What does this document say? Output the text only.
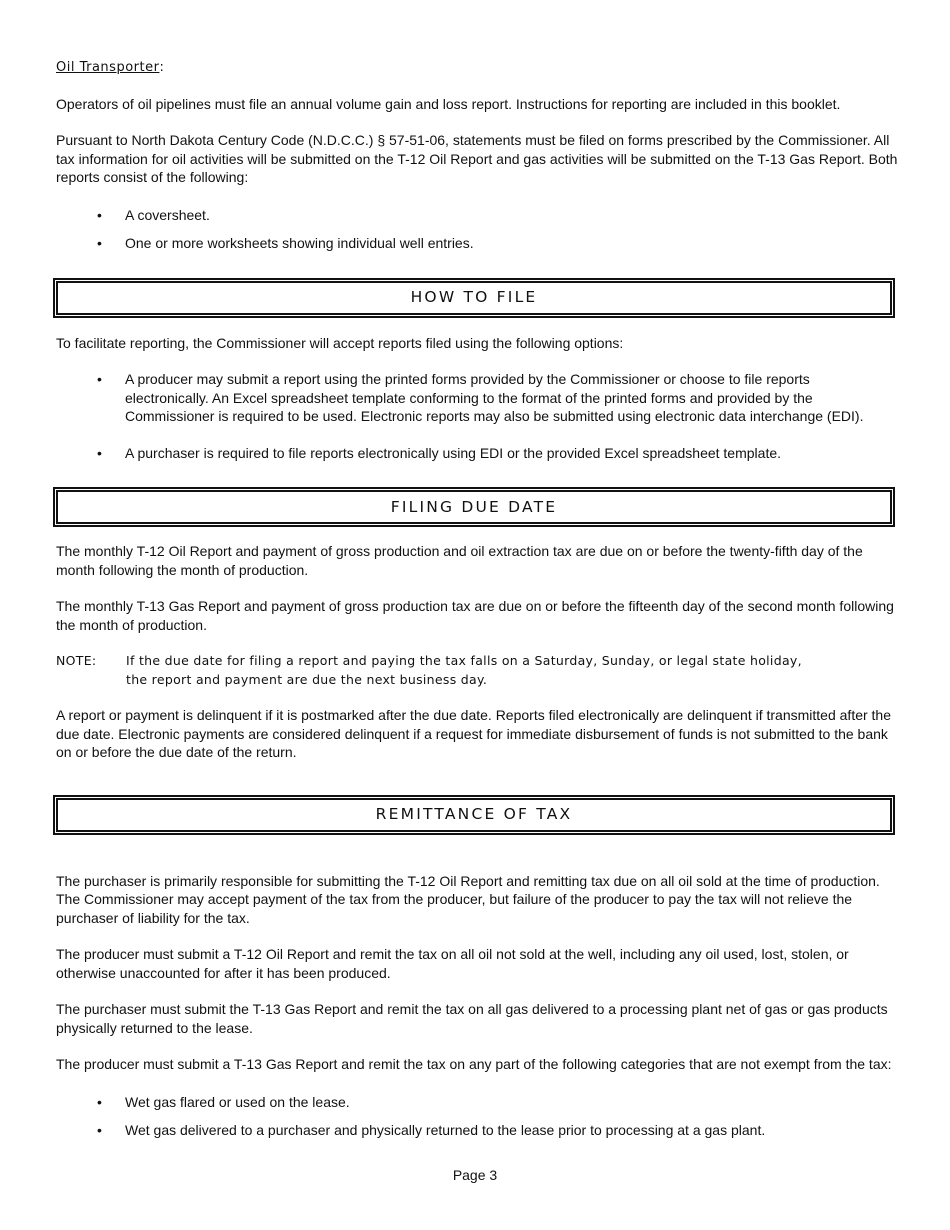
Oil Transporter:

Operators of oil pipelines must file an annual volume gain and loss report. Instructions for reporting are included in this booklet.

Pursuant to North Dakota Century Code (N.D.C.C.) § 57-51-06, statements must be filed on forms prescribed by the Commissioner. All tax information for oil activities will be submitted on the T-12 Oil Report and gas activities will be submitted on the T-13 Gas Report. Both reports consist of the following:

• A coversheet.
• One or more worksheets showing individual well entries.
HOW TO FILE

To facilitate reporting, the Commissioner will accept reports filed using the following options:

• A producer may submit a report using the printed forms provided by the Commissioner or choose to file reports electronically. An Excel spreadsheet template conforming to the format of the printed forms and provided by the Commissioner is required to be used. Electronic reports may also be submitted using electronic data interchange (EDI).
• A purchaser is required to file reports electronically using EDI or the provided Excel spreadsheet template.
FILING DUE DATE

The monthly T-12 Oil Report and payment of gross production and oil extraction tax are due on or before the twenty-fifth day of the month following the month of production.

The monthly T-13 Gas Report and payment of gross production tax are due on or before the fifteenth day of the second month following the month of production.

NOTE:	If the due date for filing a report and paying the tax falls on a Saturday, Sunday, or legal state holiday, the report and payment are due the next business day.

A report or payment is delinquent if it is postmarked after the due date. Reports filed electronically are delinquent if transmitted after the due date. Electronic payments are considered delinquent if a request for immediate disbursement of funds is not submitted to the bank on or before the due date of the return.

REMITTANCE OF TAX

The purchaser is primarily responsible for submitting the T-12 Oil Report and remitting tax due on all oil sold at the time of production. The Commissioner may accept payment of the tax from the producer, but failure of the producer to pay the tax will not relieve the purchaser of liability for the tax.

The producer must submit a T-12 Oil Report and remit the tax on all oil not sold at the well, including any oil used, lost, stolen, or otherwise unaccounted for after it has been produced.

The purchaser must submit the T-13 Gas Report and remit the tax on all gas delivered to a processing plant net of gas or gas products physically returned to the lease.

The producer must submit a T-13 Gas Report and remit the tax on any part of the following categories that are not exempt from the tax:

• Wet gas flared or used on the lease.
• Wet gas delivered to a purchaser and physically returned to the lease prior to processing at a gas plant.
Page 3
